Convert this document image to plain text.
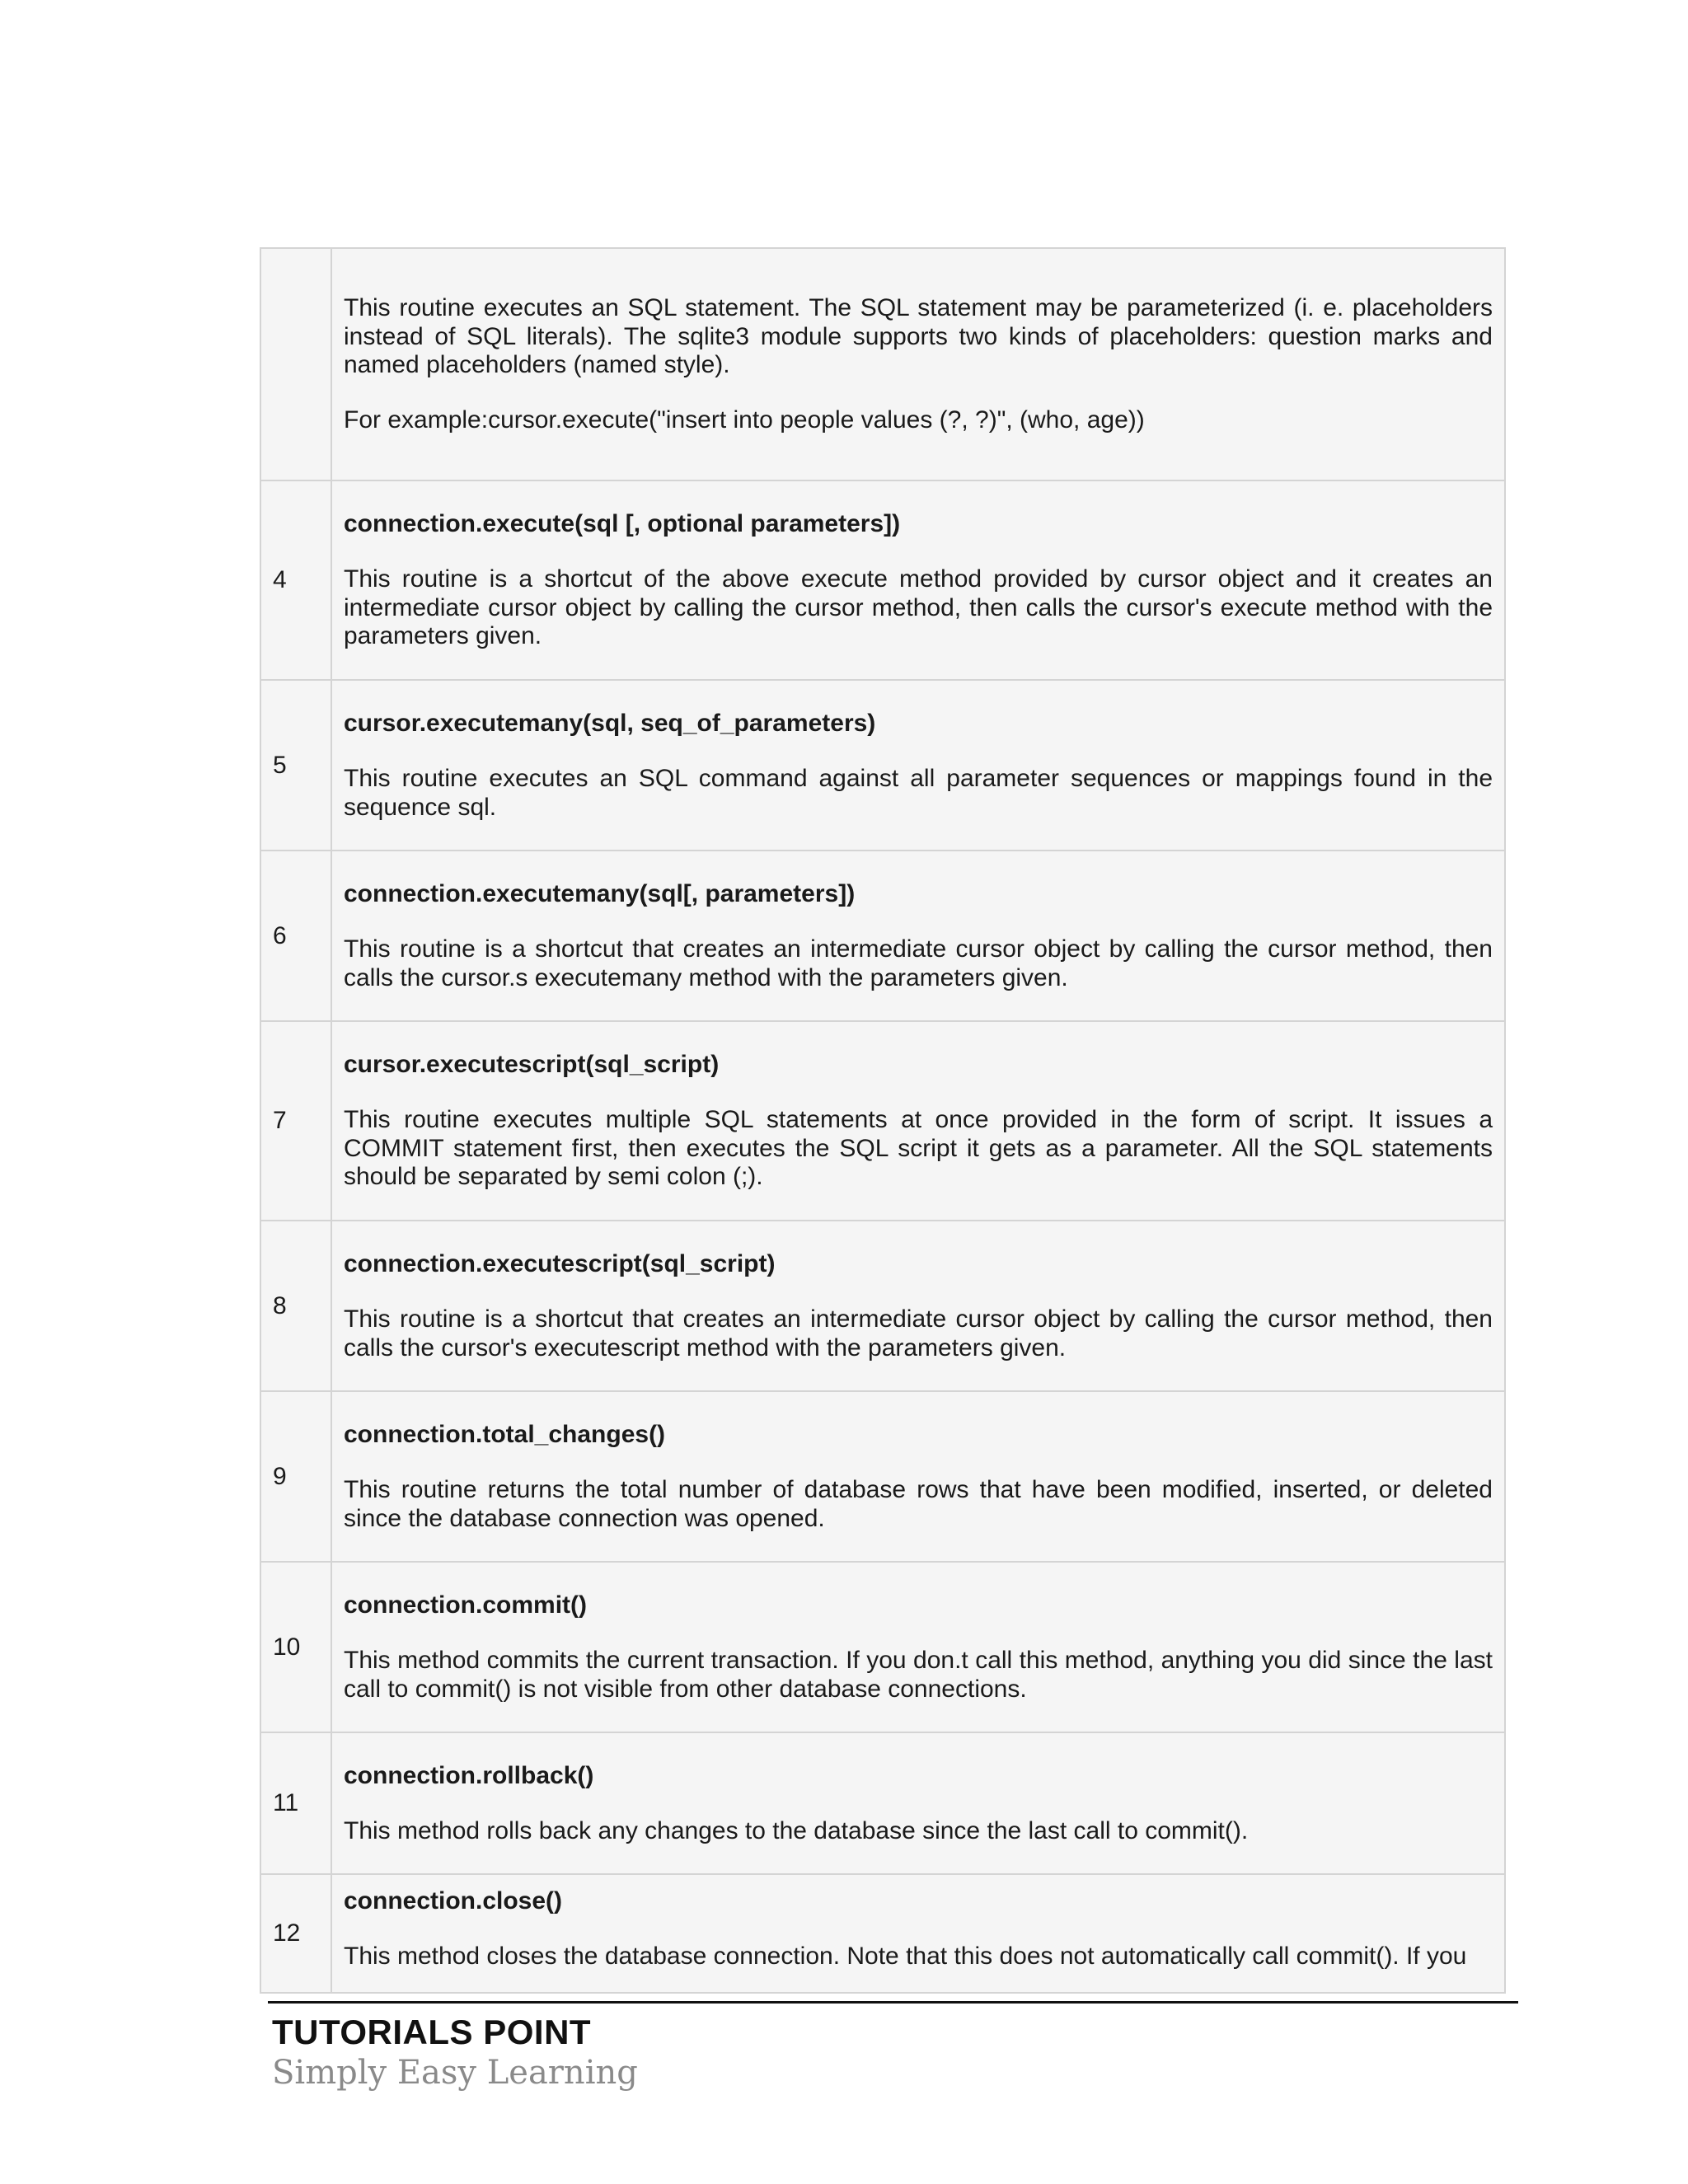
	This routine executes an SQL statement. The SQL statement may be parameterized (i. e. placeholders instead of SQL literals). The sqlite3 module supports two kinds of placeholders: question marks and named placeholders (named style).

For example:cursor.execute("insert into people values (?, ?)", (who, age))

4	connection.execute(sql [, optional parameters])

This routine is a shortcut of the above execute method provided by cursor object and it creates an intermediate cursor object by calling the cursor method, then calls the cursor's execute method with the parameters given.

5	cursor.executemany(sql, seq_of_parameters)

This routine executes an SQL command against all parameter sequences or mappings found in the sequence sql.

6	connection.executemany(sql[, parameters])

This routine is a shortcut that creates an intermediate cursor object by calling the cursor method, then calls the cursor.s executemany method with the parameters given.

7	cursor.executescript(sql_script)

This routine executes multiple SQL statements at once provided in the form of script. It issues a COMMIT statement first, then executes the SQL script it gets as a parameter. All the SQL statements should be separated by semi colon (;).

8	connection.executescript(sql_script)

This routine is a shortcut that creates an intermediate cursor object by calling the cursor method, then calls the cursor's executescript method with the parameters given.

9	connection.total_changes()

This routine returns the total number of database rows that have been modified, inserted, or deleted since the database connection was opened.

10	connection.commit()

This method commits the current transaction. If you don.t call this method, anything you did since the last call to commit() is not visible from other database connections.

11	connection.rollback()

This method rolls back any changes to the database since the last call to commit().

12	connection.close()

This method closes the database connection. Note that this does not automatically call commit(). If you

TUTORIALS POINT
Simply Easy Learning
